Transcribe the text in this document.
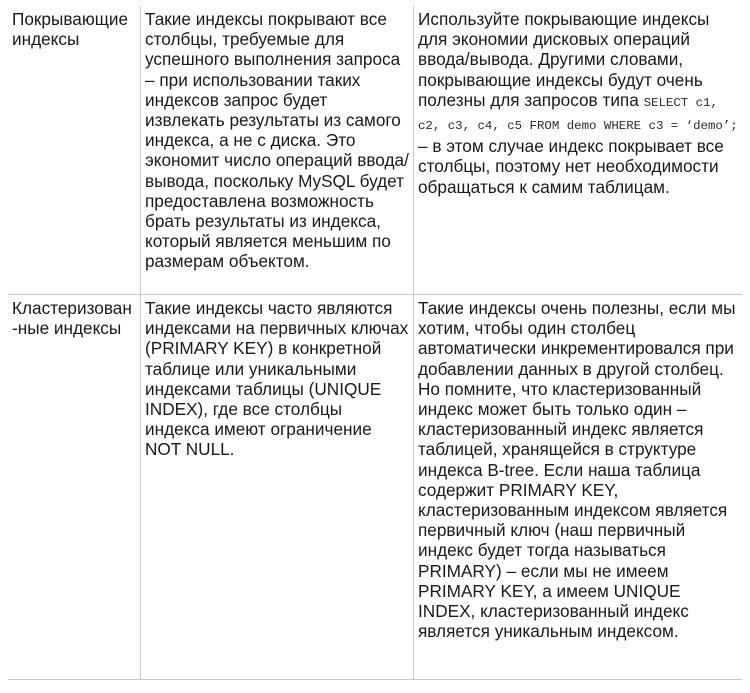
Покрывающие индексы
Такие индексы покрывают все столбцы, требуемые для успешного выполнения запроса – при использовании таких индексов запрос будет извлекать результаты из самого индекса, а не с диска. Это экономит число операций ввода/вывода, поскольку MySQL будет предоставлена возможность брать результаты из индекса, который является меньшим по размерам объектом.
Используйте покрывающие индексы для экономии дисковых операций ввода/вывода. Другими словами, покрывающие индексы будут очень полезны для запросов типа SELECT c1, c2, c3, c4, c5 FROM demo WHERE c3 = ‘demo’; – в этом случае индекс покрывает все столбцы, поэтому нет необходимости обращаться к самим таблицам.
Кластеризован-ные индексы
Такие индексы часто являются индексами на первичных ключах (PRIMARY KEY) в конкретной таблице или уникальными индексами таблицы (UNIQUE INDEX), где все столбцы индекса имеют ограничение NOT NULL.
Такие индексы очень полезны, если мы хотим, чтобы один столбец автоматически инкрементировался при добавлении данных в другой столбец. Но помните, что кластеризованный индекс может быть только один – кластеризованный индекс является таблицей, хранящейся в структуре индекса B-tree. Если наша таблица содержит PRIMARY KEY, кластеризованным индексом является первичный ключ (наш первичный индекс будет тогда называться PRIMARY) – если мы не имеем PRIMARY KEY, а имеем UNIQUE INDEX, кластеризованный индекс является уникальным индексом.
